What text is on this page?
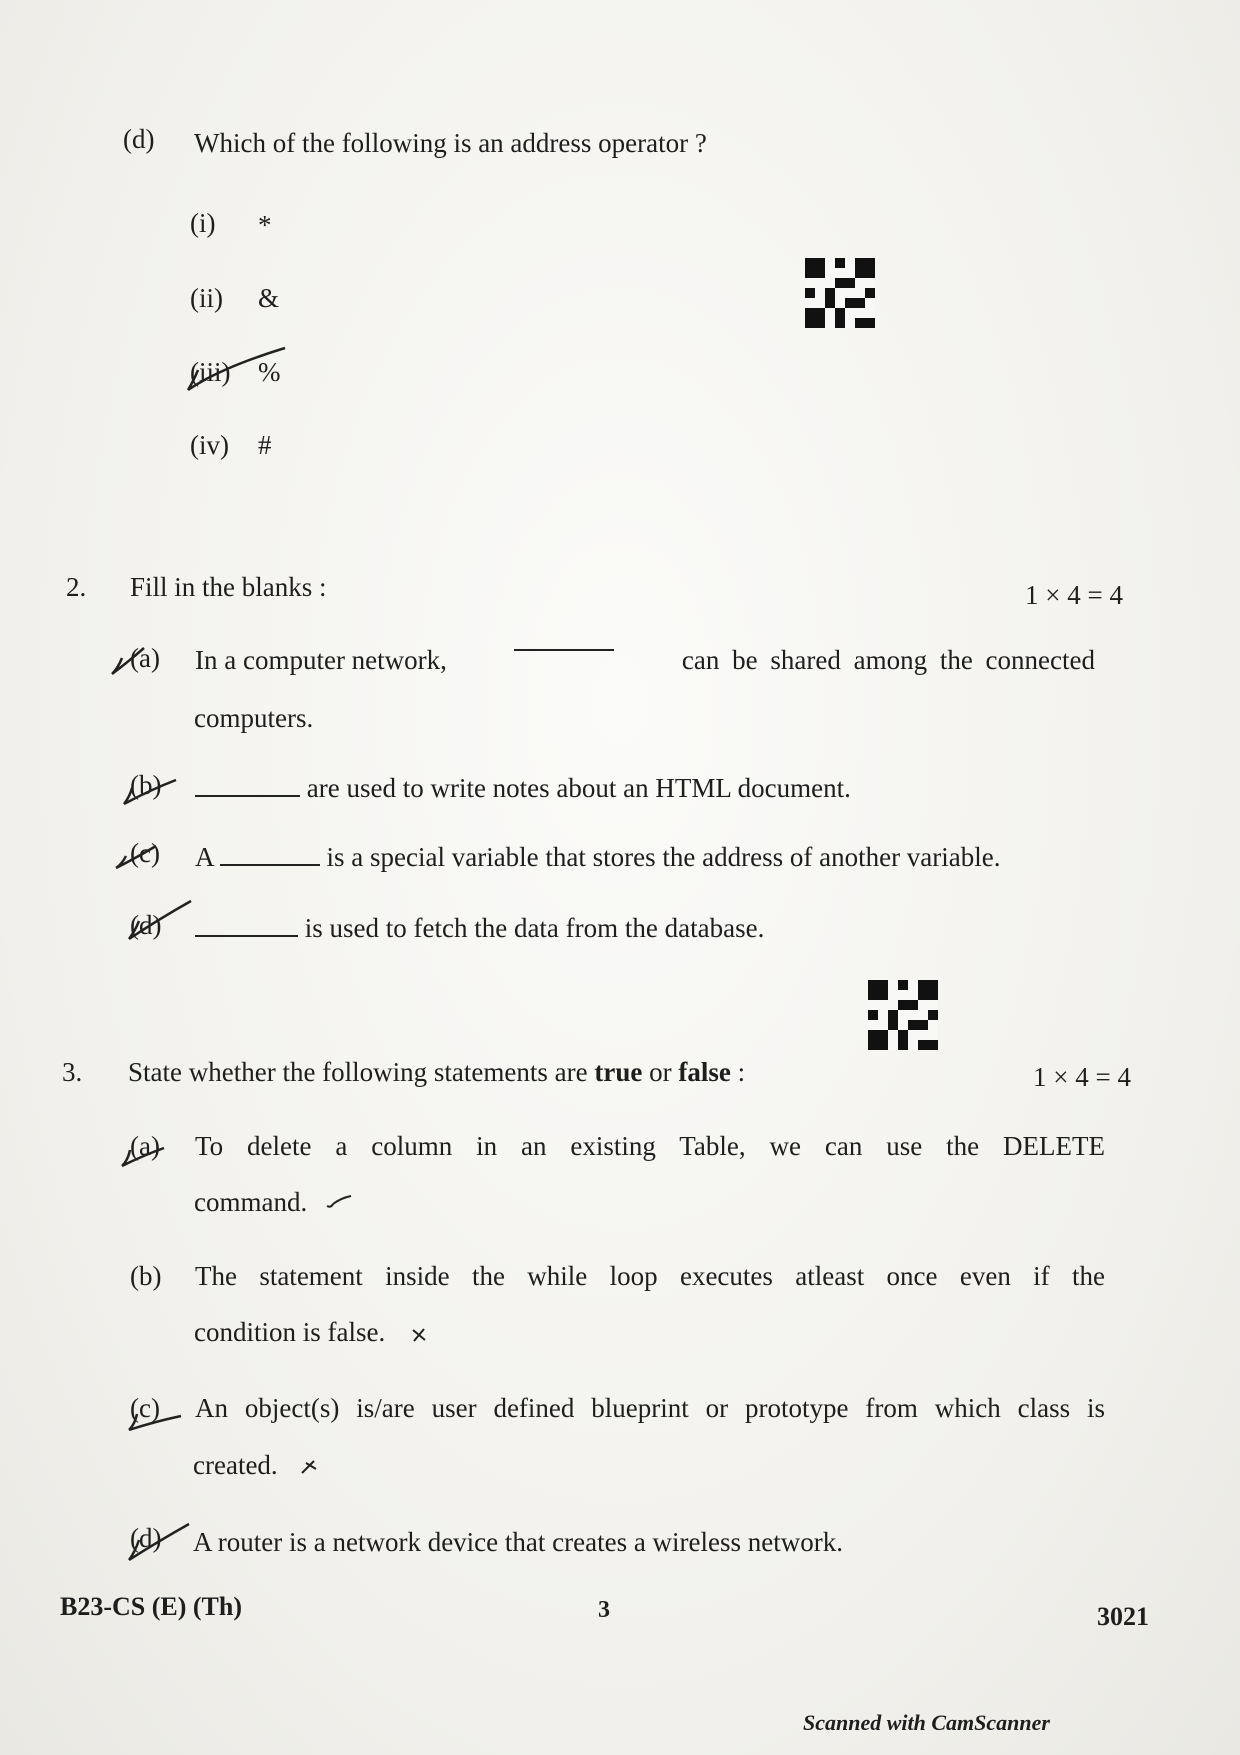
(d) Which of the following is an address operator ?
(i) *
(ii) &
(iii) %
(iv) #
2. Fill in the blanks :	1 × 4 = 4
(a) In a computer network,	can be shared among the connected
computers.
(b)	are used to write notes about an HTML document.
(c) A	is a special variable that stores the address of another variable.
(d)	is used to fetch the data from the database.
3. State whether the following statements are true or false :	1 × 4 = 4
(a) To delete a column in an existing Table, we can use the DELETE
command.
(b) The statement inside the while loop executes atleast once even if the
condition is false.
(c) An object(s) is/are user defined blueprint or prototype from which class is
created.
(d) A router is a network device that creates a wireless network.
B23-CS (E) (Th)	3	3021
Scanned with CamScanner
